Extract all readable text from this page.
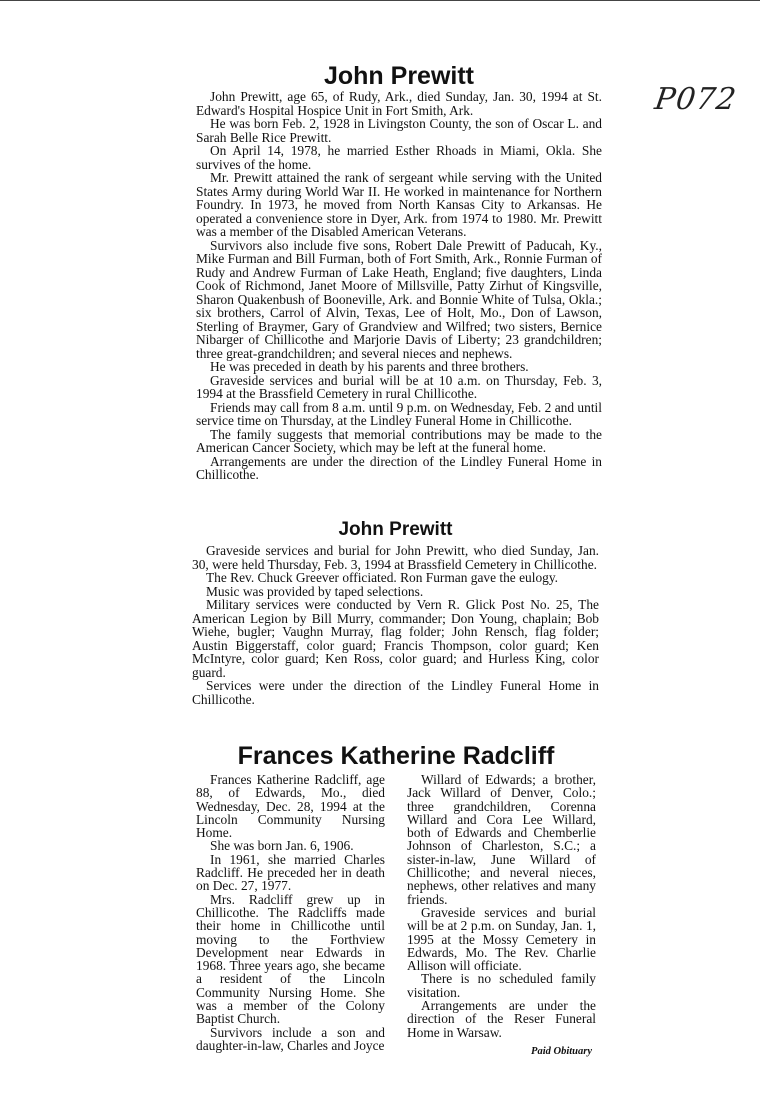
P072
John Prewitt

John Prewitt, age 65, of Rudy, Ark., died Sunday, Jan. 30, 1994 at St. Edward's Hospital Hospice Unit in Fort Smith, Ark.

He was born Feb. 2, 1928 in Livingston County, the son of Oscar L. and Sarah Belle Rice Prewitt.

On April 14, 1978, he married Esther Rhoads in Miami, Okla. She survives of the home.

Mr. Prewitt attained the rank of sergeant while serving with the United States Army during World War II. He worked in maintenance for Northern Foundry. In 1973, he moved from North Kansas City to Arkansas. He operated a convenience store in Dyer, Ark. from 1974 to 1980. Mr. Prewitt was a member of the Disabled American Veterans.

Survivors also include five sons, Robert Dale Prewitt of Paducah, Ky., Mike Furman and Bill Furman, both of Fort Smith, Ark., Ronnie Furman of Rudy and Andrew Furman of Lake Heath, England; five daughters, Linda Cook of Richmond, Janet Moore of Millsville, Patty Zirhut of Kingsville, Sharon Quakenbush of Booneville, Ark. and Bonnie White of Tulsa, Okla.; six brothers, Carrol of Alvin, Texas, Lee of Holt, Mo., Don of Lawson, Sterling of Braymer, Gary of Grandview and Wilfred; two sisters, Bernice Nibarger of Chillicothe and Marjorie Davis of Liberty; 23 grandchildren; three great-grandchildren; and several nieces and nephews.

He was preceded in death by his parents and three brothers.

Graveside services and burial will be at 10 a.m. on Thursday, Feb. 3, 1994 at the Brassfield Cemetery in rural Chillicothe.

Friends may call from 8 a.m. until 9 p.m. on Wednesday, Feb. 2 and until service time on Thursday, at the Lindley Funeral Home in Chillicothe.

The family suggests that memorial contributions may be made to the American Cancer Society, which may be left at the funeral home.

Arrangements are under the direction of the Lindley Funeral Home in Chillicothe.

John Prewitt

Graveside services and burial for John Prewitt, who died Sunday, Jan. 30, were held Thursday, Feb. 3, 1994 at Brassfield Cemetery in Chillicothe.

The Rev. Chuck Greever officiated. Ron Furman gave the eulogy.

Music was provided by taped selections.

Military services were conducted by Vern R. Glick Post No. 25, The American Legion by Bill Murry, commander; Don Young, chaplain; Bob Wiehe, bugler; Vaughn Murray, flag folder; John Rensch, flag folder; Austin Biggerstaff, color guard; Francis Thompson, color guard; Ken McIntyre, color guard; Ken Ross, color guard; and Hurless King, color guard.

Services were under the direction of the Lindley Funeral Home in Chillicothe.

Frances Katherine Radcliff

Frances Katherine Radcliff, age 88, of Edwards, Mo., died Wednesday, Dec. 28, 1994 at the Lincoln Community Nursing Home.

She was born Jan. 6, 1906.

In 1961, she married Charles Radcliff. He preceded her in death on Dec. 27, 1977.

Mrs. Radcliff grew up in Chillicothe. The Radcliffs made their home in Chillicothe until moving to the Forthview Development near Edwards in 1968. Three years ago, she became a resident of the Lincoln Community Nursing Home. She was a member of the Colony Baptist Church.

Survivors include a son and daughter-in-law, Charles and Joyce

Willard of Edwards; a brother, Jack Willard of Denver, Colo.; three grandchildren, Corenna Willard and Cora Lee Willard, both of Edwards and Chemberlie Johnson of Charleston, S.C.; a sister-in-law, June Willard of Chillicothe; and neveral nieces, nephews, other relatives and many friends.

Graveside services and burial will be at 2 p.m. on Sunday, Jan. 1, 1995 at the Mossy Cemetery in Edwards, Mo. The Rev. Charlie Allison will officiate.

There is no scheduled family visitation.

Arrangements are under the direction of the Reser Funeral Home in Warsaw.

Paid Obituary
